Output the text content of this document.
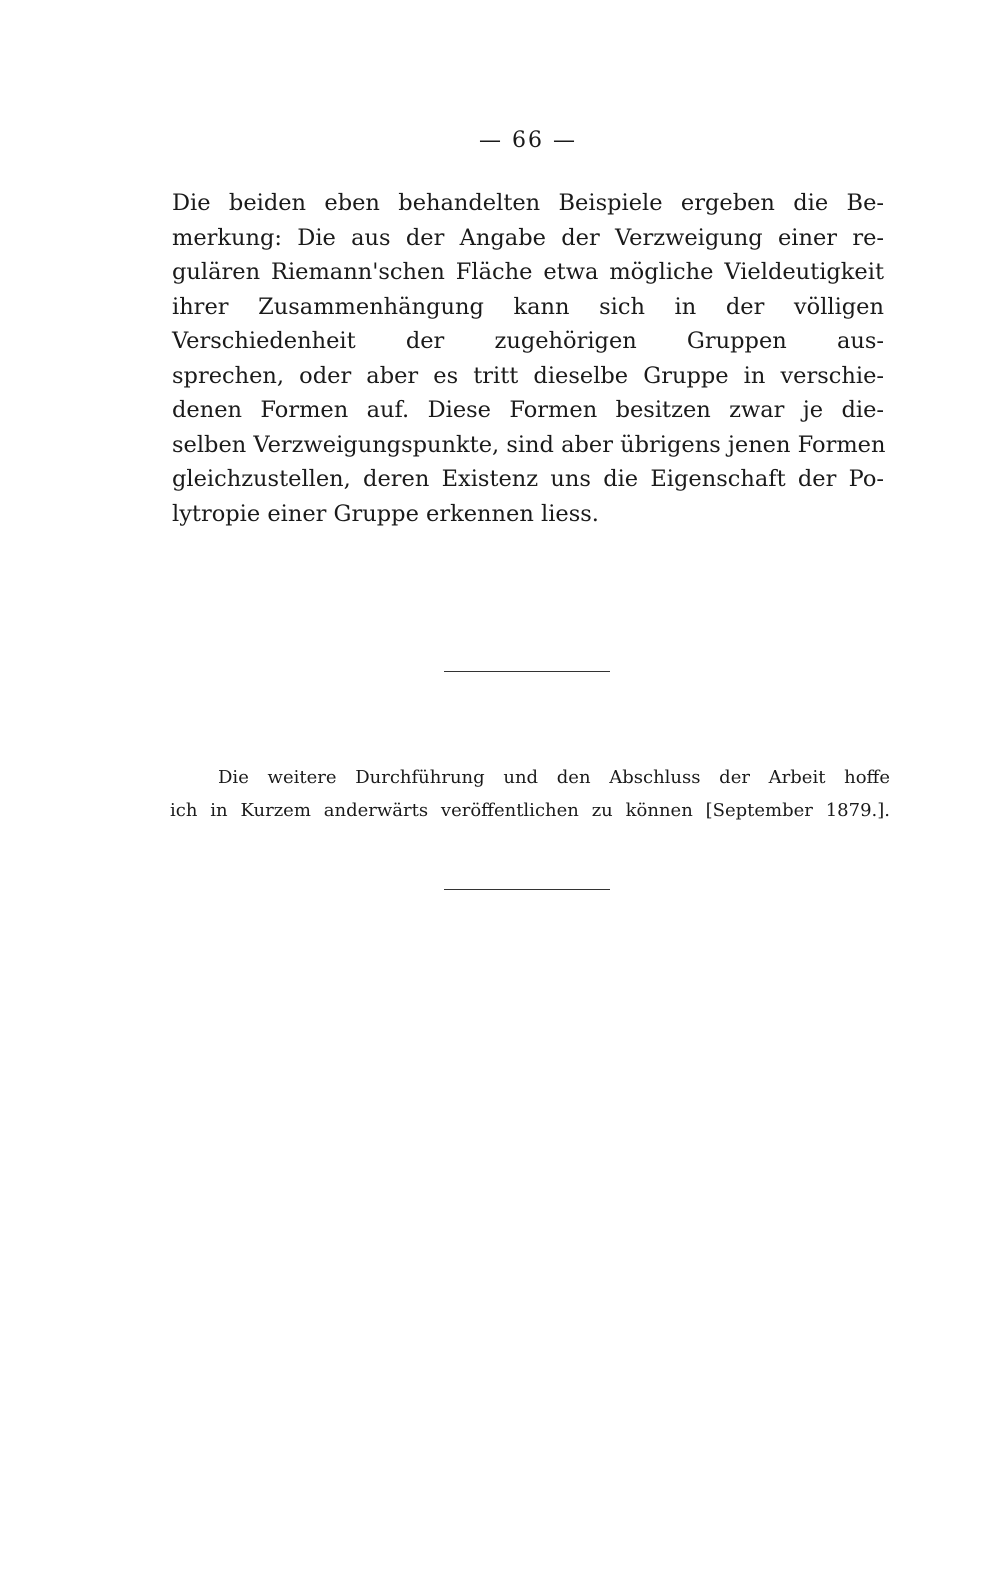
— 66 —
Die beiden eben behandelten Beispiele ergeben die Be-
merkung: Die aus der Angabe der Verzweigung einer re-
gulären Riemann'schen Fläche etwa mögliche Vieldeutigkeit
ihrer Zusammenhängung kann sich in der völligen
Verschiedenheit der zugehörigen Gruppen aus-
sprechen, oder aber es tritt dieselbe Gruppe in verschie-
denen Formen auf. Diese Formen besitzen zwar je die-
selben Verzweigungspunkte, sind aber übrigens jenen Formen
gleichzustellen, deren Existenz uns die Eigenschaft der Po-
lytropie einer Gruppe erkennen liess.
Die weitere Durchführung und den Abschluss der Arbeit hoffe
ich in Kurzem anderwärts veröffentlichen zu können [September 1879.].
